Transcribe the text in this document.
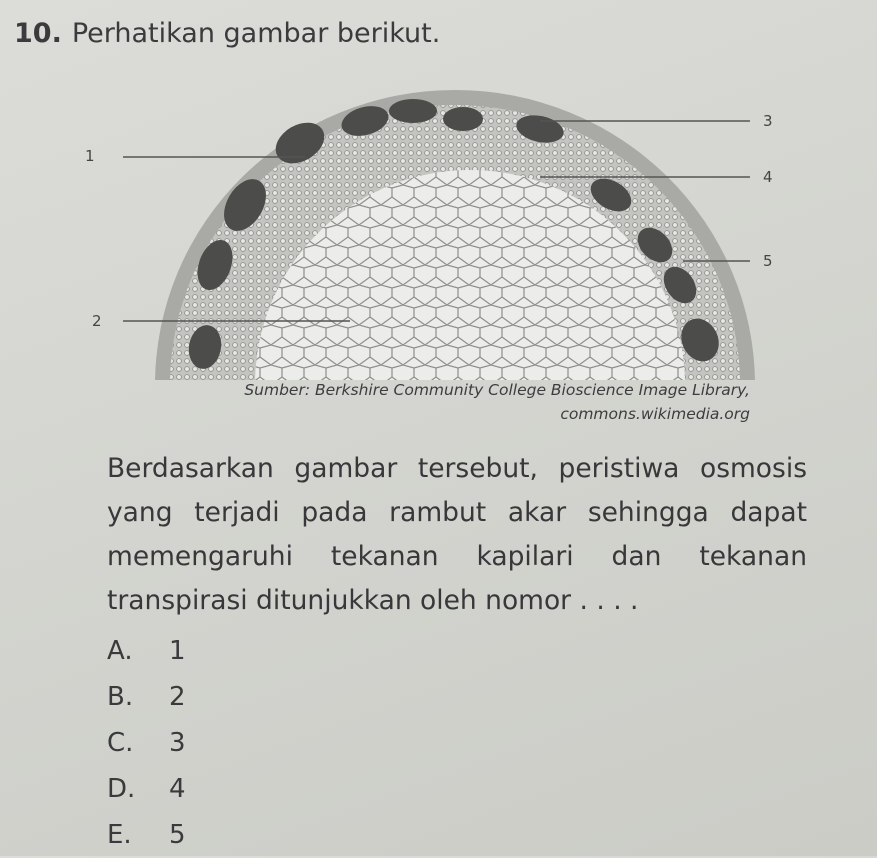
10. Perhatikan gambar berikut.
1
2
3
4
5
Sumber: Berkshire Community College Bioscience Image Library,
commons.wikimedia.org
Berdasarkan gambar tersebut, peristiwa osmosis
yang terjadi pada rambut akar sehingga dapat
memengaruhi tekanan kapilari dan tekanan
transpirasi ditunjukkan oleh nomor . . . .
A.	1
B.	2
C.	3
D.	4
E.	5
